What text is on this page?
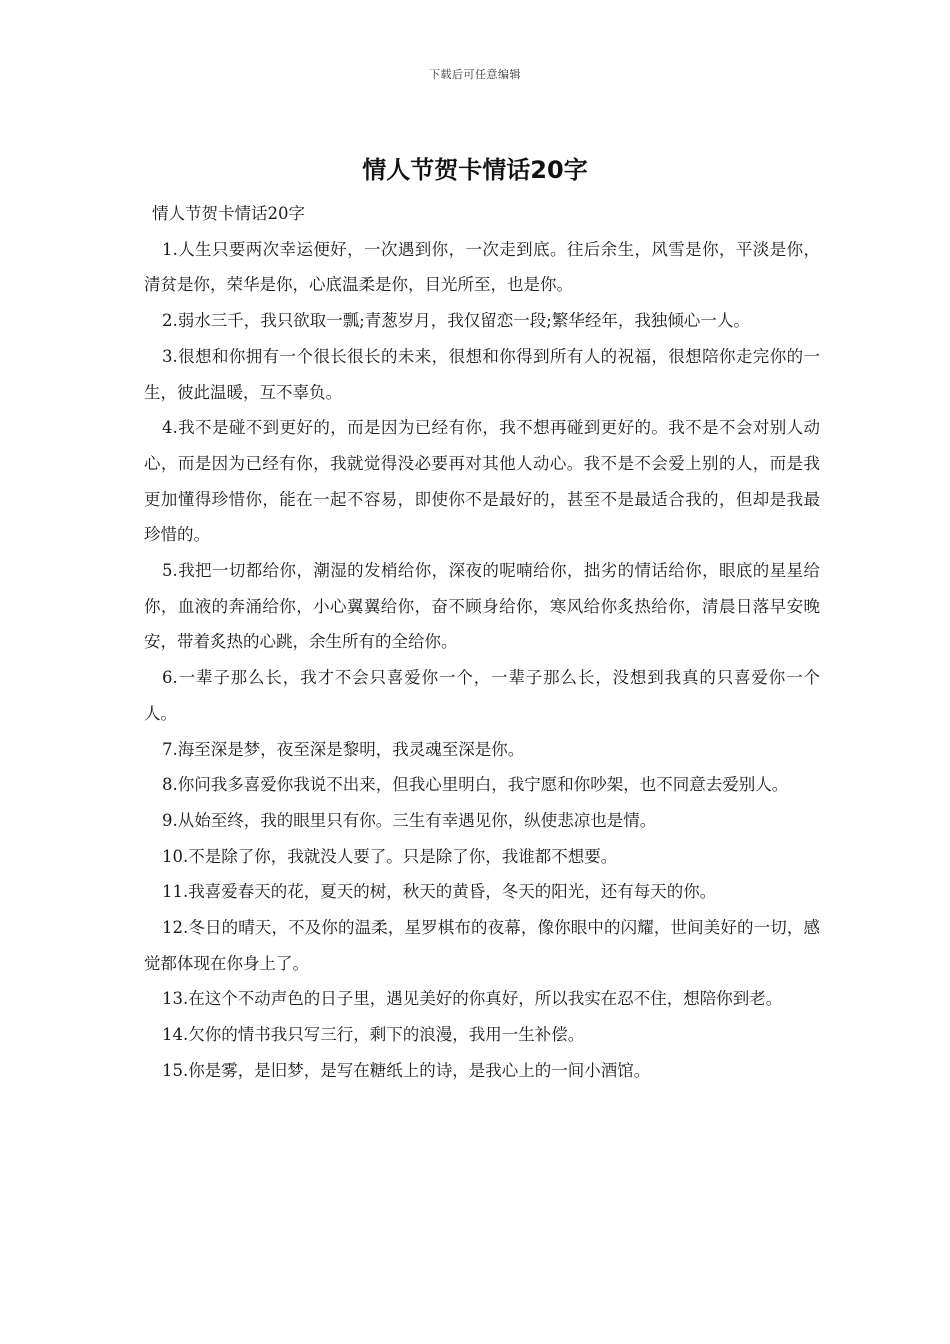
下载后可任意编辑
情人节贺卡情话20字

情人节贺卡情话20字

1.人生只要两次幸运便好，一次遇到你，一次走到底。往后余生，风雪是你，平淡是你，清贫是你，荣华是你，心底温柔是你，目光所至，也是你。

2.弱水三千，我只欲取一瓢;青葱岁月，我仅留恋一段;繁华经年，我独倾心一人。

3.很想和你拥有一个很长很长的未来，很想和你得到所有人的祝福，很想陪你走完你的一生，彼此温暖，互不辜负。

4.我不是碰不到更好的，而是因为已经有你，我不想再碰到更好的。我不是不会对别人动心，而是因为已经有你，我就觉得没必要再对其他人动心。我不是不会爱上别的人，而是我更加懂得珍惜你，能在一起不容易，即使你不是最好的，甚至不是最适合我的，但却是我最珍惜的。

5.我把一切都给你，潮湿的发梢给你，深夜的呢喃给你，拙劣的情话给你，眼底的星星给你，血液的奔涌给你，小心翼翼给你，奋不顾身给你，寒风给你炙热给你，清晨日落早安晚安，带着炙热的心跳，余生所有的全给你。

6.一辈子那么长，我才不会只喜爱你一个，一辈子那么长，没想到我真的只喜爱你一个人。

7.海至深是梦，夜至深是黎明，我灵魂至深是你。

8.你问我多喜爱你我说不出来，但我心里明白，我宁愿和你吵架，也不同意去爱别人。

9.从始至终，我的眼里只有你。三生有幸遇见你，纵使悲凉也是情。

10.不是除了你，我就没人要了。只是除了你，我谁都不想要。

11.我喜爱春天的花，夏天的树，秋天的黄昏，冬天的阳光，还有每天的你。

12.冬日的晴天，不及你的温柔，星罗棋布的夜幕，像你眼中的闪耀，世间美好的一切，感觉都体现在你身上了。

13.在这个不动声色的日子里，遇见美好的你真好，所以我实在忍不住，想陪你到老。

14.欠你的情书我只写三行，剩下的浪漫，我用一生补偿。

15.你是雾，是旧梦，是写在糖纸上的诗，是我心上的一间小酒馆。
